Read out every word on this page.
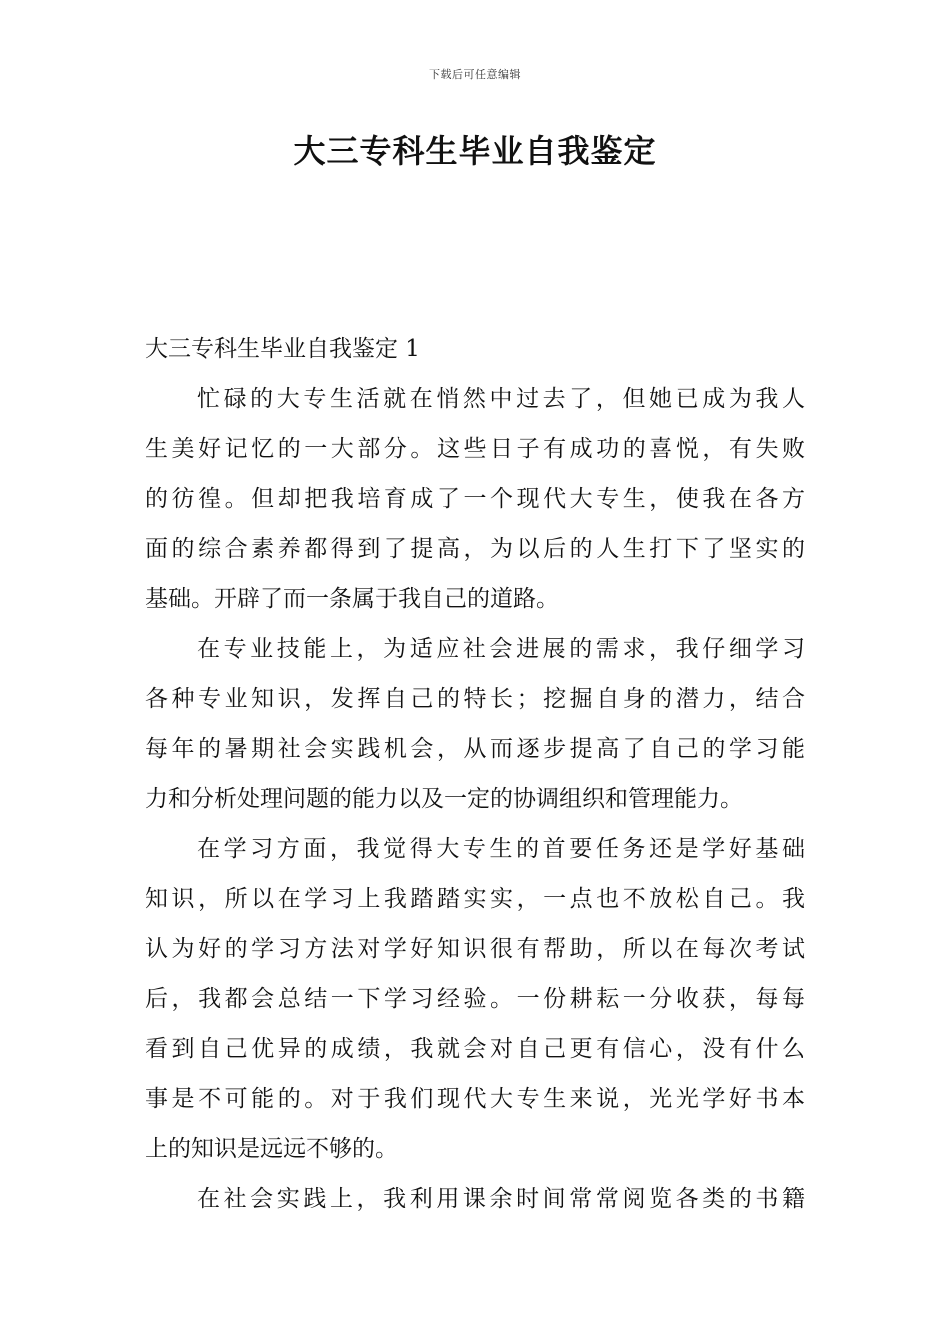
下载后可任意编辑
大三专科生毕业自我鉴定
大三专科生毕业自我鉴定 1
忙碌的大专生活就在悄然中过去了，但她已成为我人
生美好记忆的一大部分。这些日子有成功的喜悦，有失败
的彷徨。但却把我培育成了一个现代大专生，使我在各方
面的综合素养都得到了提高，为以后的人生打下了坚实的
基础。开辟了而一条属于我自己的道路。
在专业技能上，为适应社会进展的需求，我仔细学习
各种专业知识，发挥自己的特长；挖掘自身的潜力，结合
每年的暑期社会实践机会，从而逐步提高了自己的学习能
力和分析处理问题的能力以及一定的协调组织和管理能力。
在学习方面，我觉得大专生的首要任务还是学好基础
知识，所以在学习上我踏踏实实，一点也不放松自己。我
认为好的学习方法对学好知识很有帮助，所以在每次考试
后，我都会总结一下学习经验。一份耕耘一分收获，每每
看到自己优异的成绩，我就会对自己更有信心，没有什么
事是不可能的。对于我们现代大专生来说，光光学好书本
上的知识是远远不够的。
在社会实践上，我利用课余时间常常阅览各类的书籍
